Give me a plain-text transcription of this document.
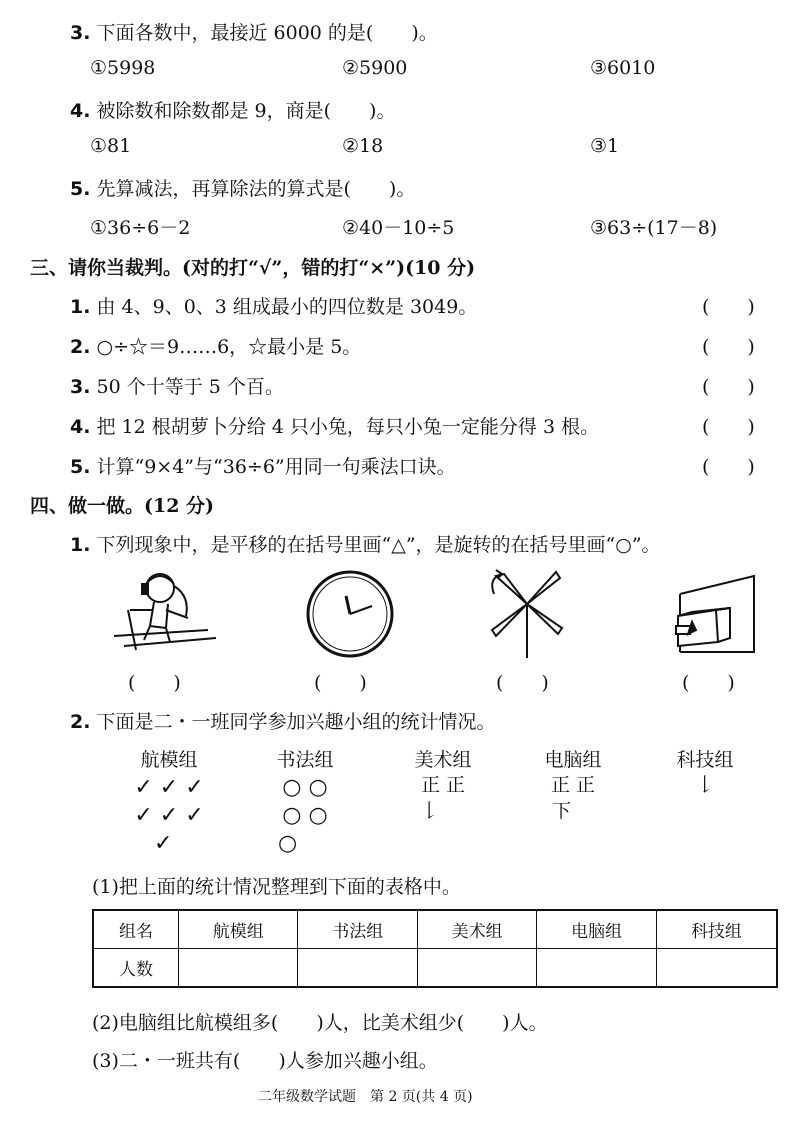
3. 下面各数中，最接近 6000 的是(　　)。
①5998	②5900	③6010
4. 被除数和除数都是 9，商是(　　)。
①81	②18	③1
5. 先算减法，再算除法的算式是(　　)。
①36÷6－2	②40－10÷5	③63÷(17－8)
三、请你当裁判。(对的打“√”，错的打“×”)(10 分)
1. 由 4、9、0、3 组成最小的四位数是 3049。	(　　)
2. ○÷☆＝9……6，☆最小是 5。	(　　)
3. 50 个十等于 5 个百。	(　　)
4. 把 12 根胡萝卜分给 4 只小兔，每只小兔一定能分得 3 根。	(　　)
5. 计算“9×4”与“36÷6”用同一句乘法口诀。	(　　)
四、做一做。(12 分)
1. 下列现象中，是平移的在括号里画“△”，是旋转的在括号里画“○”。
(　　)	(　　)	(　　)	(　　)
2. 下面是二・一班同学参加兴趣小组的统计情况。
航模组	书法组	美术组	电脑组	科技组
✓ ✓ ✓
✓ ✓ ✓
✓
○ ○
○ ○
○
正 正
𠄌
正 正
下
𠄌
(1)把上面的统计情况整理到下面的表格中。
组名	航模组	书法组	美术组	电脑组	科技组
人数					
(2)电脑组比航模组多(　　)人，比美术组少(　　)人。
(3)二・一班共有(　　)人参加兴趣小组。
二年级数学试题　第 2 页(共 4 页)
